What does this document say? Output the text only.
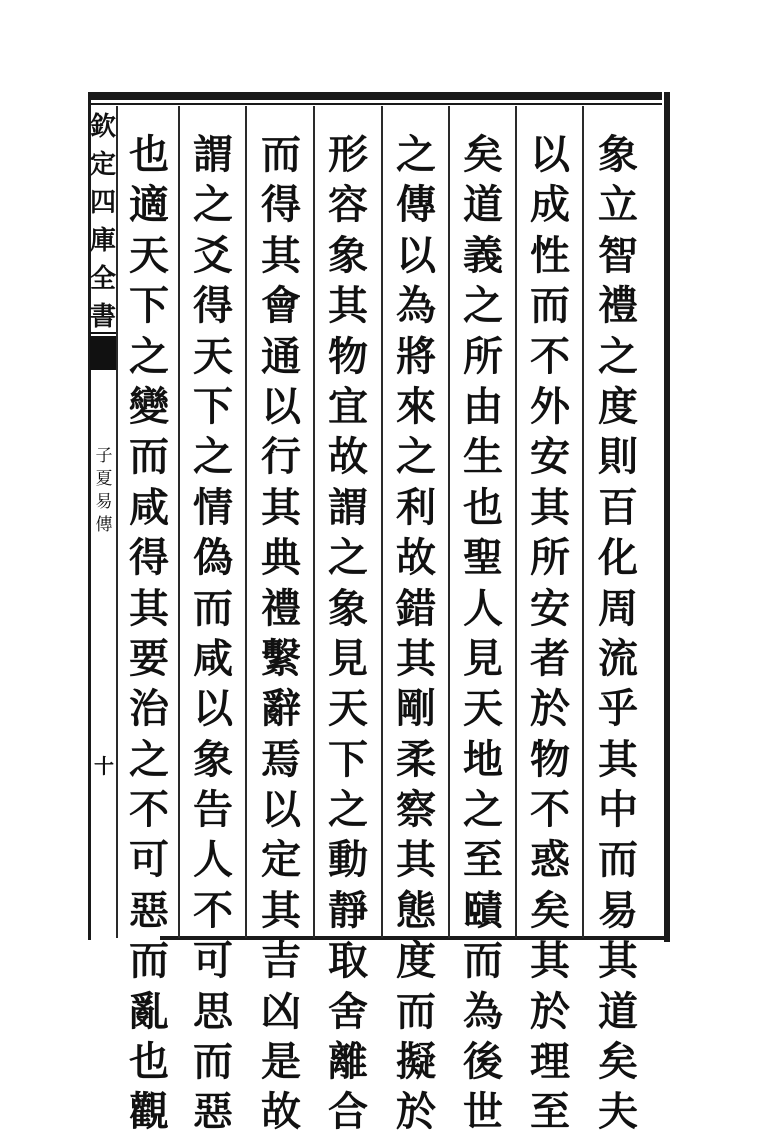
欽
定
四
庫
全
書
子
夏
易
傳
十
象
立
智
禮
之
度
則
百
化
周
流
乎
其
中
而
易
其
道
矣
夫
以
成
性
而
不
外
安
其
所
安
者
於
物
不
惑
矣
其
於
理
至
矣
道
義
之
所
由
生
也
聖
人
見
天
地
之
至
賾
而
為
後
世
之
傳
以
為
將
來
之
利
故
錯
其
剛
柔
察
其
態
度
而
擬
於
形
容
象
其
物
宜
故
謂
之
象
見
天
下
之
動
靜
取
舍
離
合
而
得
其
會
通
以
行
其
典
禮
繫
辭
焉
以
定
其
吉
凶
是
故
謂
之
爻
得
天
下
之
情
偽
而
咸
以
象
告
人
不
可
思
而
惡
也
適
天
下
之
變
而
咸
得
其
要
治
之
不
可
惡
而
亂
也
觀
